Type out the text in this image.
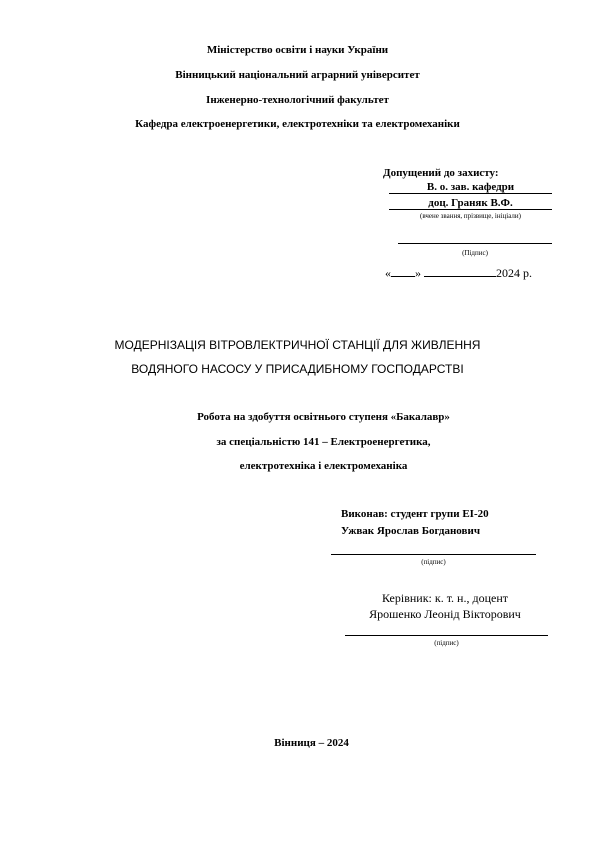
Міністерство освіти і науки України
Вінницький національний аграрний університет
Інженерно-технологічний факультет
Кафедра електроенергетики, електротехніки та електромеханіки
Допущений до захисту:
В. о. зав. кафедри
доц. Граняк В.Ф.
(вчене звання, прізвище, ініціали)
(Підпис)
« »	2024 р.
МОДЕРНІЗАЦІЯ ВІТРОВЛЕКТРИЧНОЇ СТАНЦІЇ ДЛЯ ЖИВЛЕННЯ
ВОДЯНОГО НАСОСУ У ПРИСАДИБНОМУ ГОСПОДАРСТВІ
Робота на здобуття освітнього ступеня «Бакалавр»
за спеціальністю 141 – Електроенергетика,
електротехніка і електромеханіка
Виконав: студент групи ЕІ-20
Ужвак Ярослав Богданович
(підпис)
Керівник: к. т. н., доцент
Ярошенко Леонід Вікторович
(підпис)
Вінниця – 2024
